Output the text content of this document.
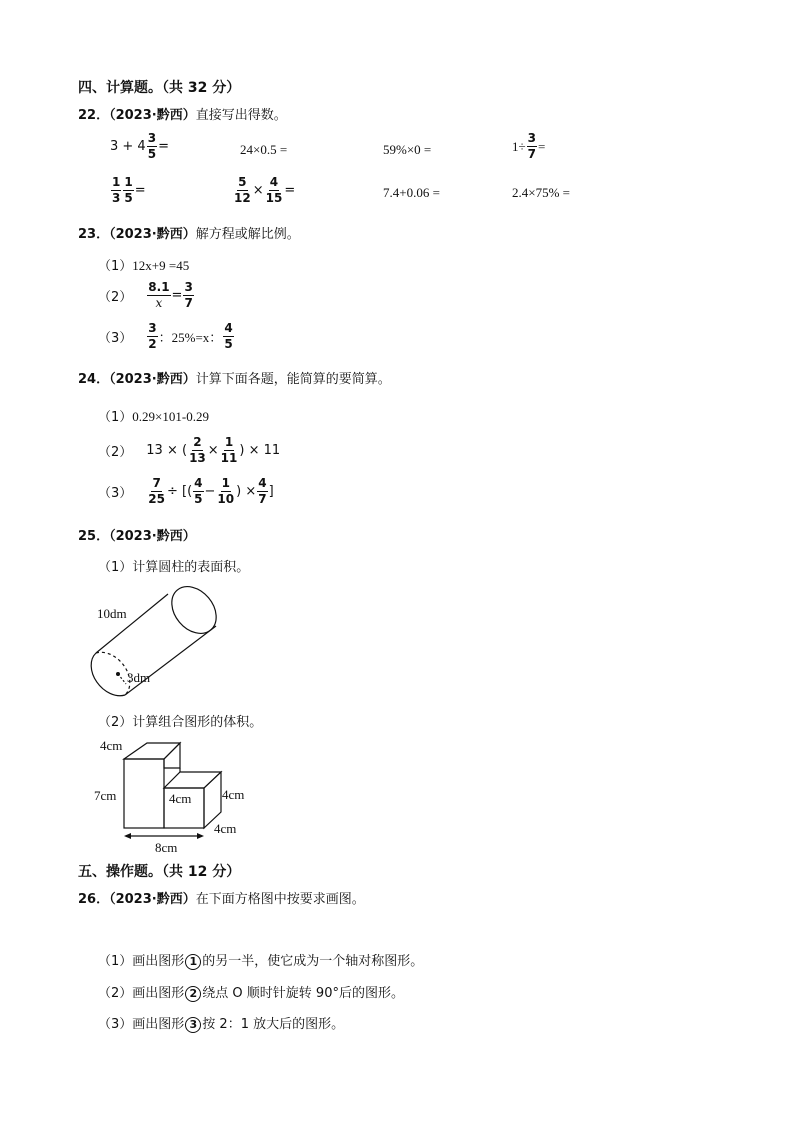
四、计算题。（共 32 分）
22．（2023·黔西）直接写出得数。
$3 + 4 \frac{3}{5}$ =	24×0.5 =	59%×0 =	$1\div \frac{3}{7}$ =
$\frac{1}{3} \frac{1}{5}$ =	$\frac{5}{12} \times \frac{4}{15}$ =	7.4+0.06 =	2.4×75% =
23．（2023·黔西）解方程或解比例。
（1）12x+9 =45
$(2) \frac{8.1}{x} = \frac{3}{7}$
$(3) \frac{3}{2}$ ：25%=x： $\frac{4}{5}$
24．（2023·黔西）计算下面各题，能简算的要简算。
（1）0.29×101-0.29
（2） 13 × ( $\frac{2}{13} \times \frac{1}{11}$ ) × 11
$(3) \frac{7}{25}$ ÷ [( $\frac{4}{5} - \frac{1}{10}$ ) × $\frac{4}{7}$ ]
25．（2023·黔西）
（1）计算圆柱的表面积。
10dm
3dm
（2）计算组合图形的体积。
4cm
7cm	4cm 4cm
4cm
8cm
五、操作题。（共 12 分）
26．（2023·黔西）在下面方格图中按要求画图。
（1）画出图形 1 的另一半，使它成为一个轴对称图形。
（2）画出图形 2 绕点 O 顺时针旋转 90°后的图形。
（3）画出图形 3 按 2：1 放大后的图形。
